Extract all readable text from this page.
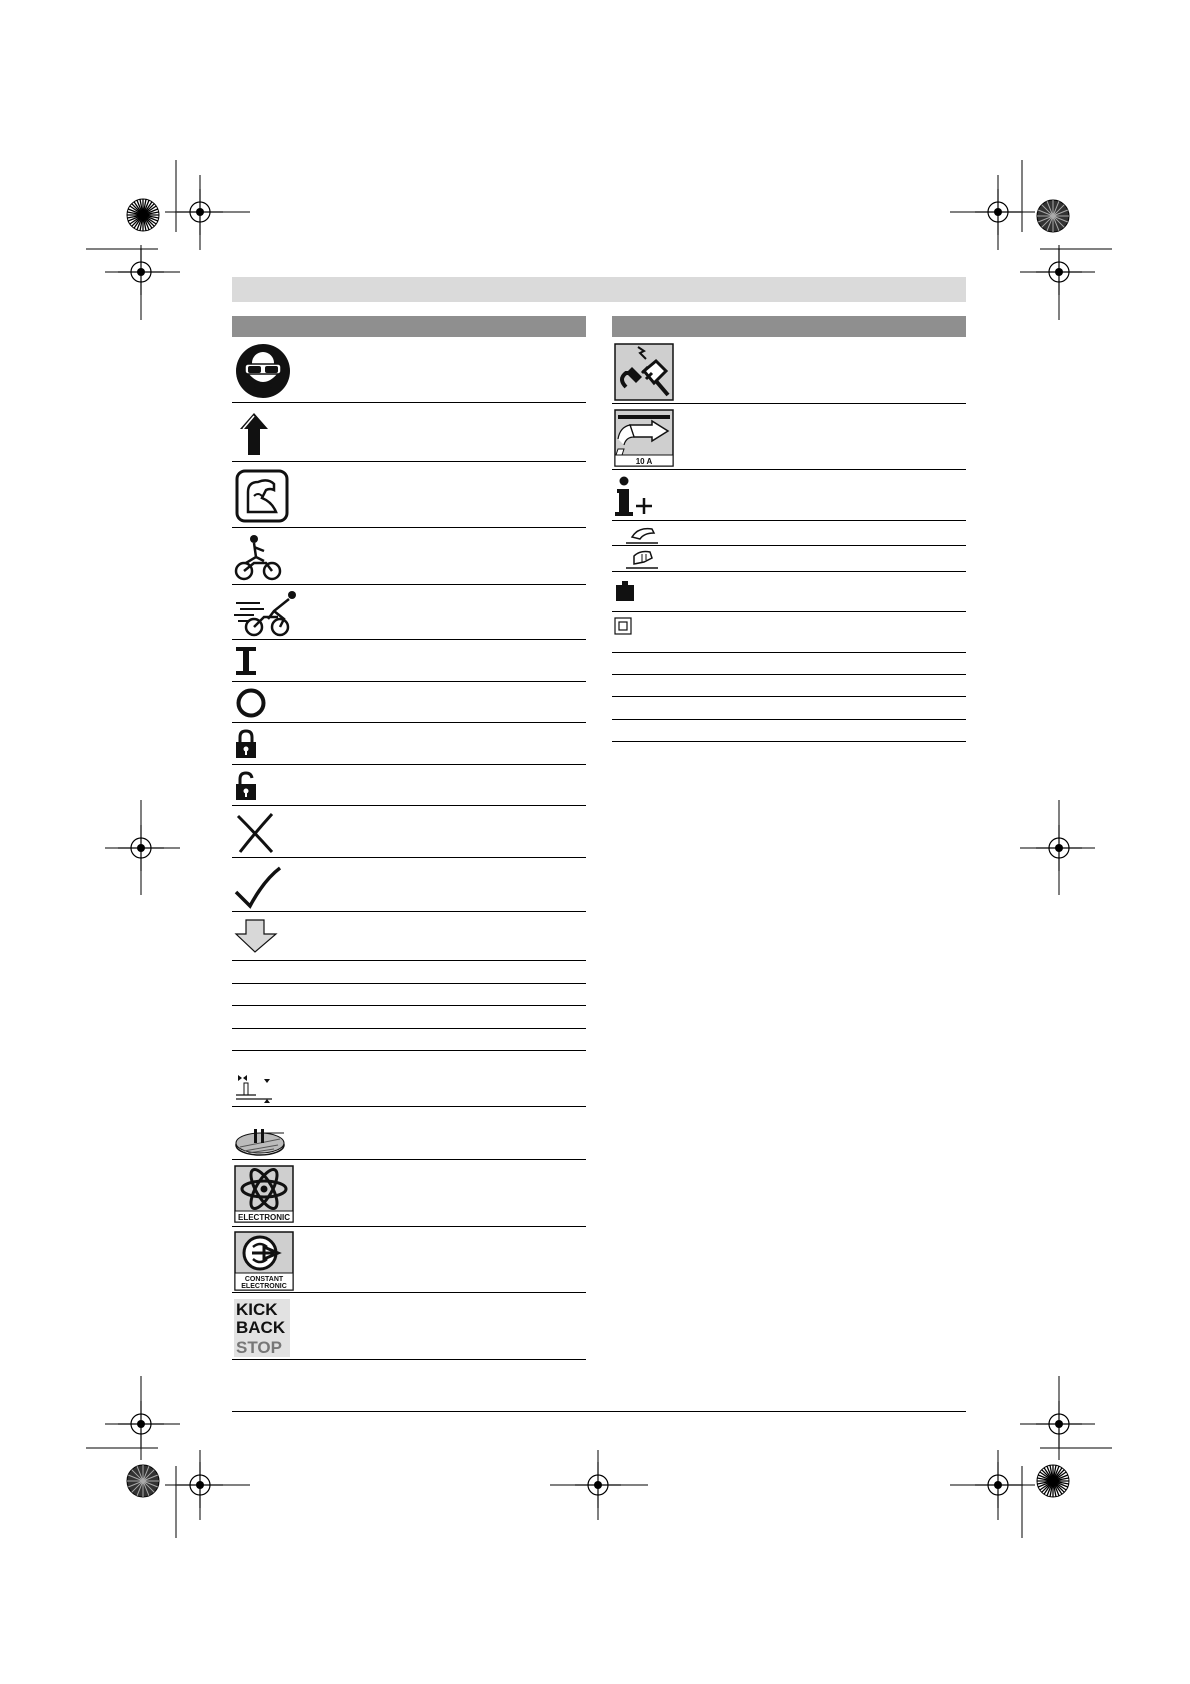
ELECTRONIC
CONSTANT
ELECTRONIC
KICK
BACK
STOP
10 A
